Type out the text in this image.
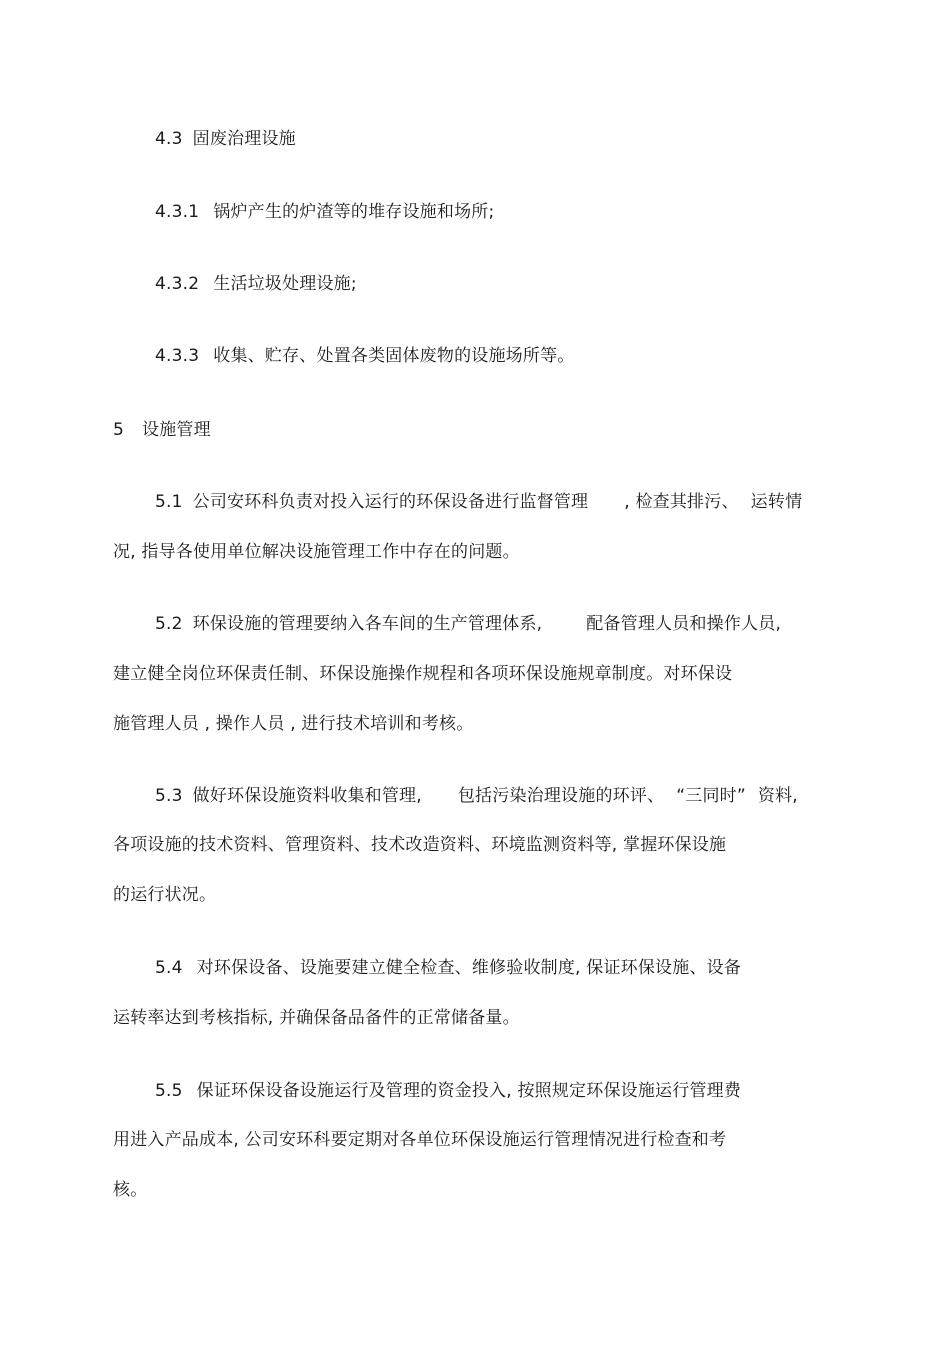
4.3 固废治理设施
4.3.1 锅炉产生的炉渣等的堆存设施和场所;
4.3.2 生活垃圾处理设施;
4.3.3 收集、贮存、处置各类固体废物的设施场所等。
5 设施管理
5.1 公司安环科负责对投入运行的环保设备进行监督管理 , 检查其排污、 运转情
况, 指导各使用单位解决设施管理工作中存在的问题。
5.2 环保设施的管理要纳入各车间的生产管理体系,	配备管理人员和操作人员,
建立健全岗位环保责任制、环保设施操作规程和各项环保设施规章制度。对环保设
施管理人员 , 操作人员 , 进行技术培训和考核。
5.3 做好环保设施资料收集和管理, 包括污染治理设施的环评、 “三同时” 资料,
各项设施的技术资料、管理资料、技术改造资料、环境监测资料等, 掌握环保设施
的运行状况。
5.4 对环保设备、设施要建立健全检查、维修验收制度, 保证环保设施、设备
运转率达到考核指标, 并确保备品备件的正常储备量。
5.5 保证环保设备设施运行及管理的资金投入, 按照规定环保设施运行管理费
用进入产品成本, 公司安环科要定期对各单位环保设施运行管理情况进行检查和考
核。
